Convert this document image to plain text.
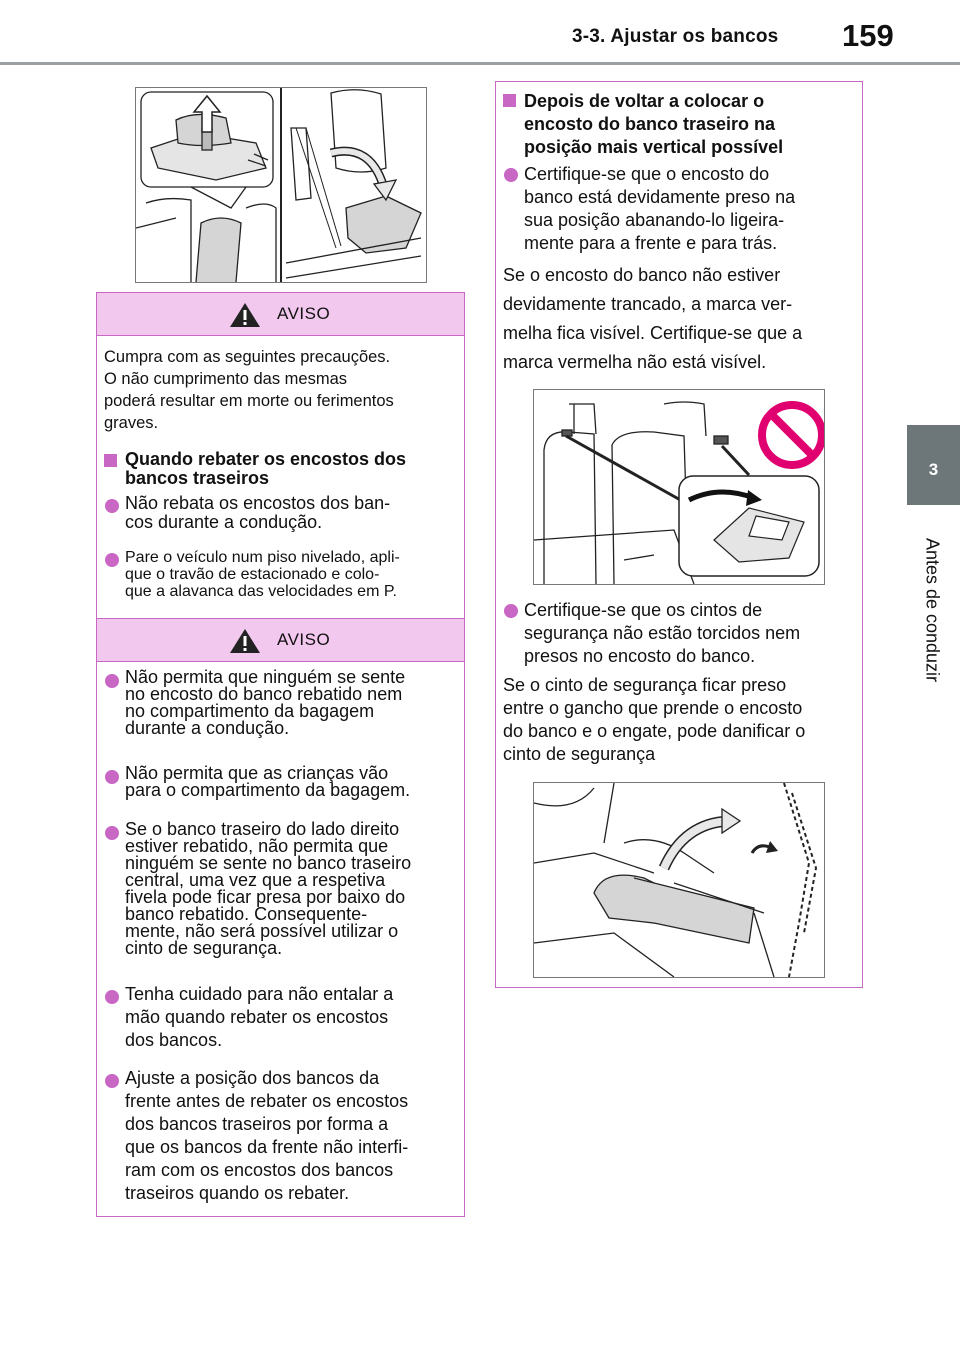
3-3. Ajustar os bancos 159
3
Antes de conduzir
AVISO
Cumpra com as seguintes precauções.
O não cumprimento das mesmas
poderá resultar em morte ou ferimentos
graves.
Quando rebater os encostos dos
bancos traseiros
Não rebata os encostos dos ban-
cos durante a condução.
Pare o veículo num piso nivelado, apli-
que o travão de estacionado e colo-
que a alavanca das velocidades em P.
AVISO
Não permita que ninguém se sente
no encosto do banco rebatido nem
no compartimento da bagagem
durante a condução.
Não permita que as crianças vão
para o compartimento da bagagem.
Se o banco traseiro do lado direito
estiver rebatido, não permita que
ninguém se sente no banco traseiro
central, uma vez que a respetiva
fivela pode ficar presa por baixo do
banco rebatido. Consequente-
mente, não será possível utilizar o
cinto de segurança.
Tenha cuidado para não entalar a
mão quando rebater os encostos
dos bancos.
Ajuste a posição dos bancos da
frente antes de rebater os encostos
dos bancos traseiros por forma a
que os bancos da frente não interfi-
ram com os encostos dos bancos
traseiros quando os rebater.
Depois de voltar a colocar o
encosto do banco traseiro na
posição mais vertical possível
Certifique-se que o encosto do
banco está devidamente preso na
sua posição abanando-lo ligeira-
mente para a frente e para trás.
Se o encosto do banco não estiver
devidamente trancado, a marca ver-
melha fica visível. Certifique-se que a
marca vermelha não está visível.
Certifique-se que os cintos de
segurança não estão torcidos nem
presos no encosto do banco.
Se o cinto de segurança ficar preso
entre o gancho que prende o encosto
do banco e o engate, pode danificar o
cinto de segurança
